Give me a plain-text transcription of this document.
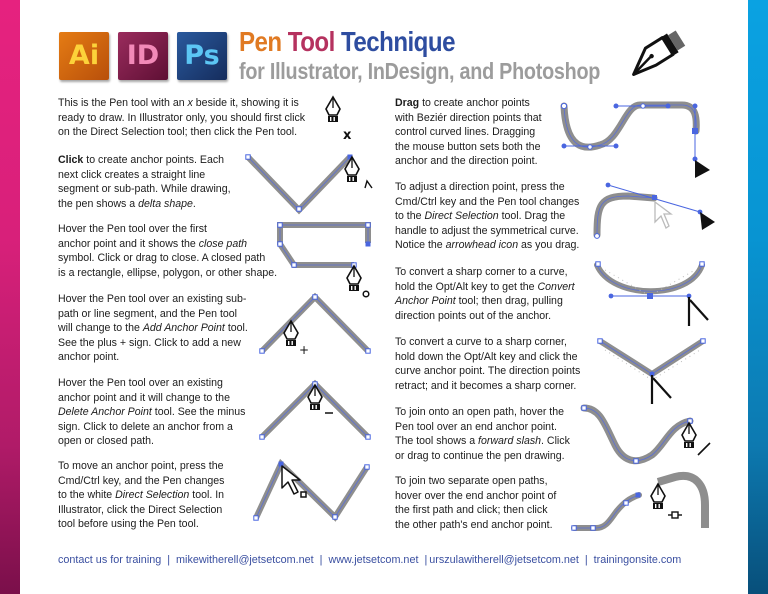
Ai	ID Ps Pen Tool Technique
for Illustrator, InDesign, and Photoshop
This is the Pen tool with an x beside it, showing it is
ready to draw. In Illustrator only, you should first click
on the Direct Selection tool; then click the Pen tool.
Click to create anchor points. Each
next click creates a straight line
segment or sub-path. While drawing,
the pen shows a delta shape.
Hover the Pen tool over the first
anchor point and it shows the close path
symbol. Click or drag to close. A closed path
is a rectangle, ellipse, polygon, or other shape.
Hover the Pen tool over an existing sub-
path or line segment, and the Pen tool
will change to the Add Anchor Point tool.
See the plus + sign. Click to add a new
anchor point.
Hover the Pen tool over an existing
anchor point and it will change to the
Delete Anchor Point tool. See the minus
sign. Click to delete an anchor from a
open or closed path.
To move an anchor point, press the
Cmd/Ctrl key, and the Pen changes
to the white Direct Selection tool. In
Illustrator, click the Direct Selection
tool before using the Pen tool.
Drag to create anchor points
with Beziér direction points that
control curved lines. Dragging
the mouse button sets both the
anchor and the direction point.
To adjust a direction point, press the
Cmd/Ctrl key and the Pen tool changes
to the Direct Selection tool. Drag the
handle to adjust the symmetrical curve.
Notice the arrowhead icon as you drag.
To convert a sharp corner to a curve,
hold the Opt/Alt key to get the Convert
Anchor Point tool; then drag, pulling
direction points out of the anchor.
To convert a curve to a sharp corner,
hold down the Opt/Alt key and click the
curve anchor point. The direction points
retract; and it becomes a sharp corner.
To join onto an open path, hover the
Pen tool over an end anchor point.
The tool shows a forward slash. Click
or drag to continue the pen drawing.
To join two separate open paths,
hover over the end anchor point of
the first path and click; then click
the other path's end anchor point.
x
+
contact us for training | mikewitherell@jetsetcom.net | www.jetsetcom.net | urszulawitherell@jetsetcom.net | trainingonsite.com
